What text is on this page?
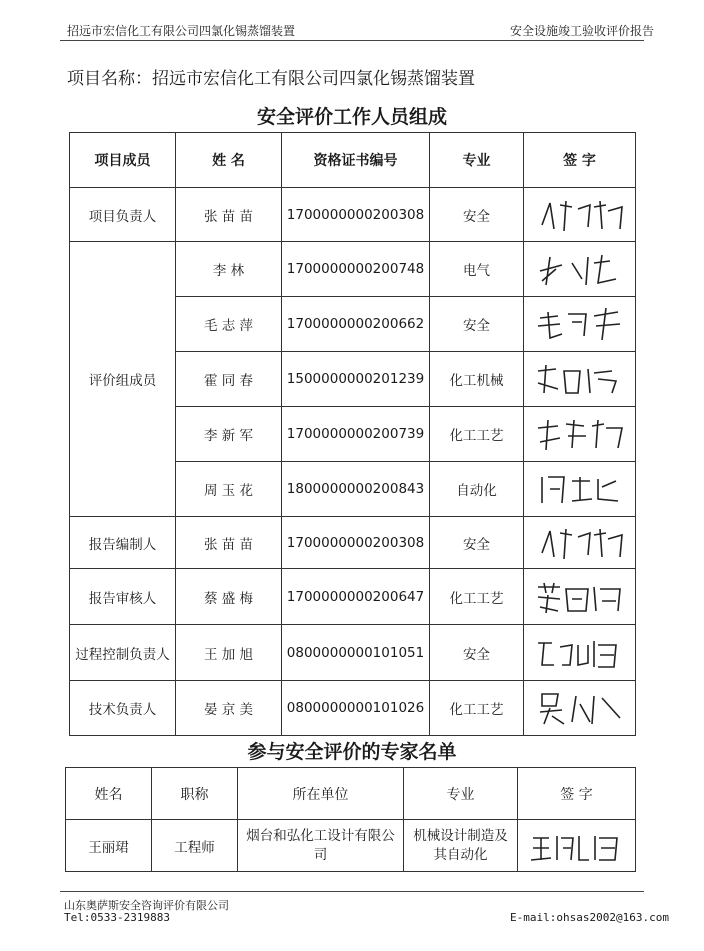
招远市宏信化工有限公司四氯化锡蒸馏装置	安全设施竣工验收评价报告
项目名称：招远市宏信化工有限公司四氯化锡蒸馏装置
安全评价工作人员组成
项目成员	姓 名	资格证书编号	专业	签 字
项目负责人	张 苗 苗	1700000000200308	安全	

评价组成员	李 林	1700000000200748	电气	

	毛 志 萍	1700000000200662	安全	

	霍 同 春	1500000000201239	化工机械	

	李 新 军	1700000000200739	化工工艺	

	周 玉 花	1800000000200843	自动化	

报告编制人	张 苗 苗	1700000000200308	安全	

报告审核人	蔡 盛 梅	1700000000200647	化工工艺	

过程控制负责人	王 加 旭	0800000000101051	安全	

技术负责人	晏 京 美	0800000000101026	化工工艺	
参与安全评价的专家名单
姓名	职称	所在单位	专业	签 字
王丽珺	工程师	烟台和弘化工设计有限公司	机械设计制造及其自动化	
山东奥萨斯安全咨询评价有限公司
Tel:0533-2319883	E-mail:ohsas2002@163.com
